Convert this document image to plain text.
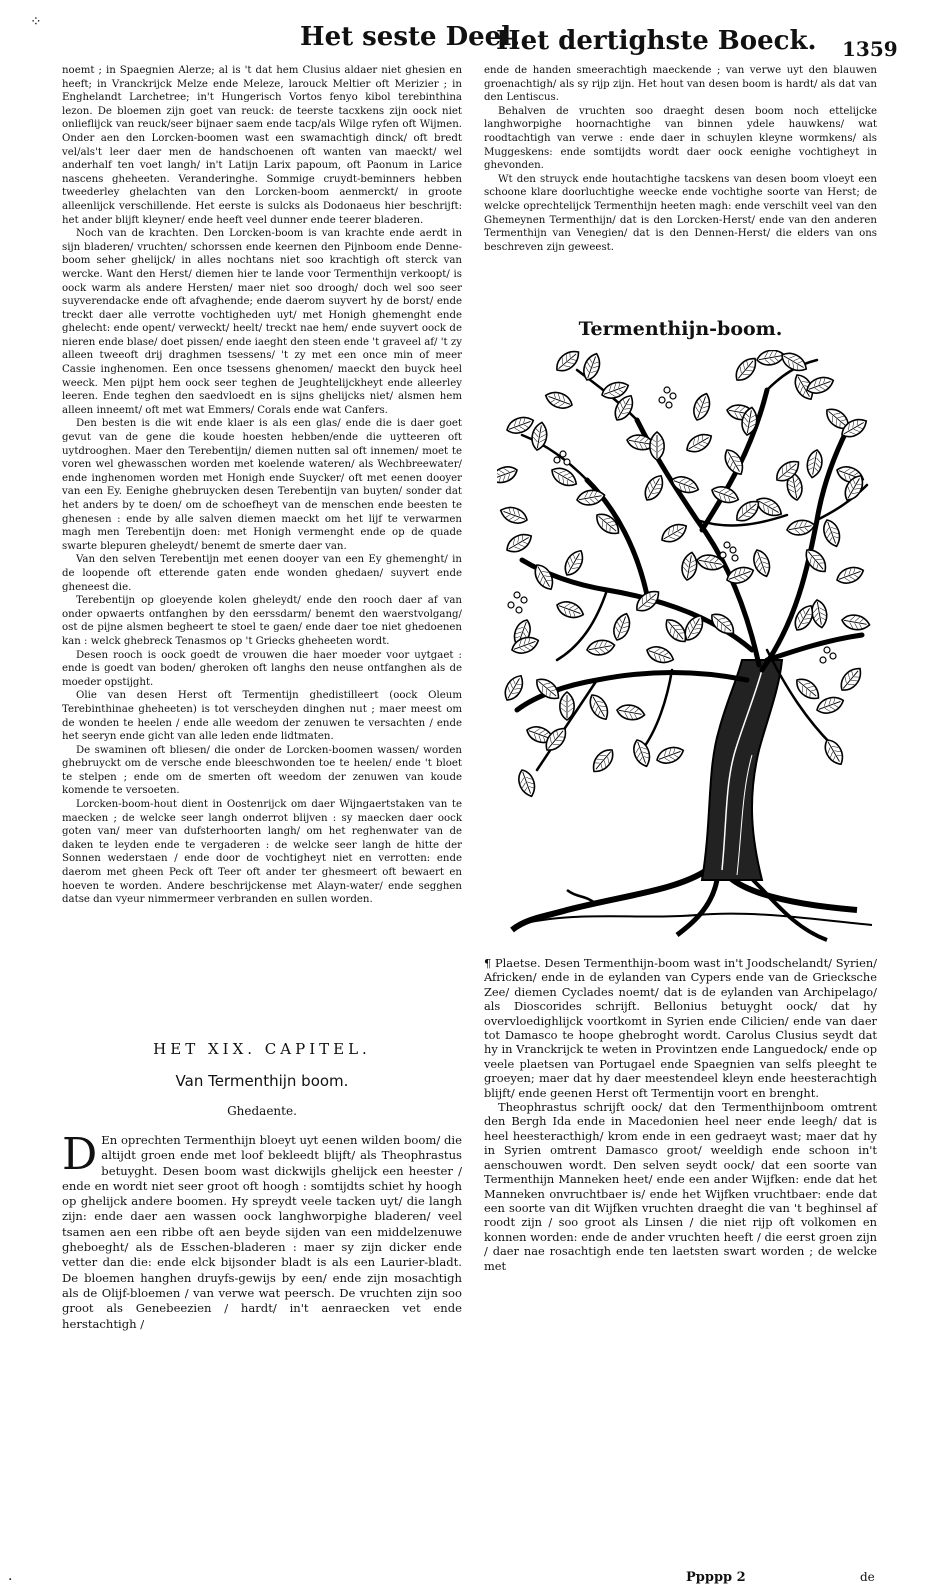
⁘	Het seste Deel.
Het dertighste Boeck. 1359

noemt ; in Spaegnien Alerze; al is 't dat hem Clusius aldaer niet ghesien en heeft; in Vranckrijck Melze ende Meleze, larouck Meltier oft Merizier ; in Enghelandt Larchetree; in't Hungerisch Vortos fenyo kibol terebinthina lezon. De bloemen zijn goet van reuck: de teerste tacxkens zijn oock niet onlieflijck van reuck/seer bijnaer saem ende tacp/als Wilge ryfen oft Wijmen. Onder aen den Lorcken-boomen wast een swamachtigh dinck/ oft bredt vel/als't leer daer men de handschoenen oft wanten van maeckt/ wel anderhalf ten voet langh/ in't Latijn Larix papoum, oft Paonum in Larice nascens gheheeten. Veranderinghe. Sommige cruydt-beminners hebben tweederley ghelachten van den Lorcken-boom aenmerckt/ in groote alleenlijck verschillende. Het eerste is sulcks als Dodonaeus hier beschrijft: het ander blijft kleyner/ ende heeft veel dunner ende teerer bladeren.

Noch van de krachten. Den Lorcken-boom is van krachte ende aerdt in sijn bladeren/ vruchten/ schorssen ende keernen den Pijnboom ende Denne-boom seher ghelijck/ in alles nochtans niet soo krachtigh oft sterck van wercke. Want den Herst/ diemen hier te lande voor Termenthijn verkoopt/ is oock warm als andere Hersten/ maer niet soo droogh/ doch wel soo seer suyverendacke ende oft afvaghende; ende daerom suyvert hy de borst/ ende treckt daer alle verrotte vochtigheden uyt/ met Honigh ghemenght ende ghelecht: ende opent/ verweckt/ heelt/ treckt nae hem/ ende suyvert oock de nieren ende blase/ doet pissen/ ende iaeght den steen ende 't graveel af/ 't zy alleen tweeoft drij draghmen tsessens/ 't zy met een once min of meer Cassie inghenomen. Een once tsessens ghenomen/ maeckt den buyck heel weeck. Men pijpt hem oock seer teghen de Jeughtelijckheyt ende alleerley leeren. Ende teghen den saedvloedt en is sijns ghelijcks niet/ alsmen hem alleen inneemt/ oft met wat Emmers/ Corals ende wat Canfers.

Den besten is die wit ende klaer is als een glas/ ende die is daer goet gevut van de gene die koude hoesten hebben/ende die uytteeren oft uytdrooghen. Maer den Terebentijn/ diemen nutten sal oft innemen/ moet te voren wel ghewasschen worden met koelende wateren/ als Wechbreewater/ ende inghenomen worden met Honigh ende Suycker/ oft met eenen dooyer van een Ey. Eenighe ghebruycken desen Terebentijn van buyten/ sonder dat het anders by te doen/ om de schoefheyt van de menschen ende beesten te ghenesen : ende by alle salven diemen maeckt om het lijf te verwarmen magh men Terebentijn doen: met Honigh vermenght ende op de quade swarte blepuren gheleydt/ benemt de smerte daer van.

Van den selven Terebentijn met eenen dooyer van een Ey ghemenght/ in de loopende oft etterende gaten ende wonden ghedaen/ suyvert ende gheneest die.

Terebentijn op gloeyende kolen gheleydt/ ende den rooch daer af van onder opwaerts ontfanghen by den eerssdarm/ benemt den waerstvolgang/ ost de pijne alsmen begheert te stoel te gaen/ ende daer toe niet ghedoenen kan : welck ghebreck Tenasmos op 't Griecks gheheeten wordt.

Desen rooch is oock goedt de vrouwen die haer moeder voor uytgaet : ende is goedt van boden/ gheroken oft langhs den neuse ontfanghen als de moeder opstijght.

Olie van desen Herst oft Termentijn ghedistilleert (oock Oleum Terebinthinae gheheeten) is tot verscheyden dinghen nut ; maer meest om de wonden te heelen / ende alle weedom der zenuwen te versachten / ende het seeryn ende gicht van alle leden ende lidtmaten.

De swaminen oft bliesen/ die onder de Lorcken-boomen wassen/ worden ghebruyckt om de versche ende bleeschwonden toe te heelen/ ende 't bloet te stelpen ; ende om de smerten oft weedom der zenuwen van koude komende te versoeten.

Lorcken-boom-hout dient in Oostenrijck om daer Wijngaertstaken van te maecken ; de welcke seer langh onderrot blijven : sy maecken daer oock goten van/ meer van dufsterhoorten langh/ om het reghenwater van de daken te leyden ende te vergaderen : de welcke seer langh de hitte der Sonnen wederstaen / ende door de vochtigheyt niet en verrotten: ende daerom met gheen Peck oft Teer oft ander ter ghesmeert oft bewaert en hoeven te worden. Andere beschrijckense met Alayn-water/ ende segghen datse dan vyeur nimmermeer verbranden en sullen worden.

HET XIX. CAPITEL.
Van Termenthijn boom.
Ghedaente.
D En oprechten Termenthijn bloeyt uyt eenen wilden boom/ die altijdt groen ende met loof bekleedt blijft/ als Theophrastus betuyght. Desen boom wast dickwijls ghelijck een heester / ende en wordt niet seer groot oft hoogh : somtijdts schiet hy hoogh op ghelijck andere boomen. Hy spreydt veele tacken uyt/ die langh zijn: ende daer aen wassen oock langhworpighe bladeren/ veel tsamen aen een ribbe oft aen beyde sijden van een middelzenuwe gheboeght/ als de Esschen-bladeren : maer sy zijn dicker ende vetter dan die: ende elck bijsonder bladt is als een Laurier-bladt. De bloemen hanghen druyfs-gewijs by een/ ende zijn mosachtigh als de Olijf-bloemen / van verwe wat peersch. De vruchten zijn soo groot als Genebeezien / hardt/ in't aenraecken vet ende herstachtigh /

ende de handen smeerachtigh maeckende ; van verwe uyt den blauwen groenachtigh/ als sy rijp zijn. Het hout van desen boom is hardt/ als dat van den Lentiscus.

Behalven de vruchten soo draeght desen boom noch ettelijcke langhworpighe hoornachtighe van binnen ydele hauwkens/ wat roodtachtigh van verwe : ende daer in schuylen kleyne wormkens/ als Muggeskens: ende somtijdts wordt daer oock eenighe vochtigheyt in ghevonden.

Wt den struyck ende houtachtighe tacskens van desen boom vloeyt een schoone klare doorluchtighe weecke ende vochtighe soorte van Herst; de welcke oprechtelijck Termenthijn heeten magh: ende verschilt veel van den Ghemeynen Termenthijn/ dat is den Lorcken-Herst/ ende van den anderen Termenthijn van Venegien/ dat is den Dennen-Herst/ die elders van ons beschreven zijn geweest.

Termenthijn-boom.

¶ Plaetse. Desen Termenthijn-boom wast in't Joodschelandt/ Syrien/ Africken/ ende in de eylanden van Cypers ende van de Griecksche Zee/ diemen Cyclades noemt/ dat is de eylanden van Archipelago/ als Dioscorides schrijft. Bellonius betuyght oock/ dat hy overvloedighlijck voortkomt in Syrien ende Cilicien/ ende van daer tot Damasco te hoope ghebroght wordt. Carolus Clusius seydt dat hy in Vranckrijck te weten in Provintzen ende Languedock/ ende op veele plaetsen van Portugael ende Spaegnien van selfs pleeght te groeyen; maer dat hy daer meestendeel kleyn ende heesterachtigh blijft/ ende geenen Herst oft Termentijn voort en brenght.

Theophrastus schrijft oock/ dat den Termenthijnboom omtrent den Bergh Ida ende in Macedonien heel neer ende leegh/ dat is heel heesteracthigh/ krom ende in een gedraeyt wast; maer dat hy in Syrien omtrent Damasco groot/ weeldigh ende schoon in't aenschouwen wordt. Den selven seydt oock/ dat een soorte van Termenthijn Manneken heet/ ende een ander Wijfken: ende dat het Manneken onvruchtbaer is/ ende het Wijfken vruchtbaer: ende dat een soorte van dit Wijfken vruchten draeght die van 't beghinsel af roodt zijn / soo groot als Linsen / die niet rijp oft volkomen en konnen worden: ende de ander vruchten heeft / die eerst groen zijn / daer nae rosachtigh ende ten laetsten swart worden ; de welcke met

Ppppp 2	de
·
